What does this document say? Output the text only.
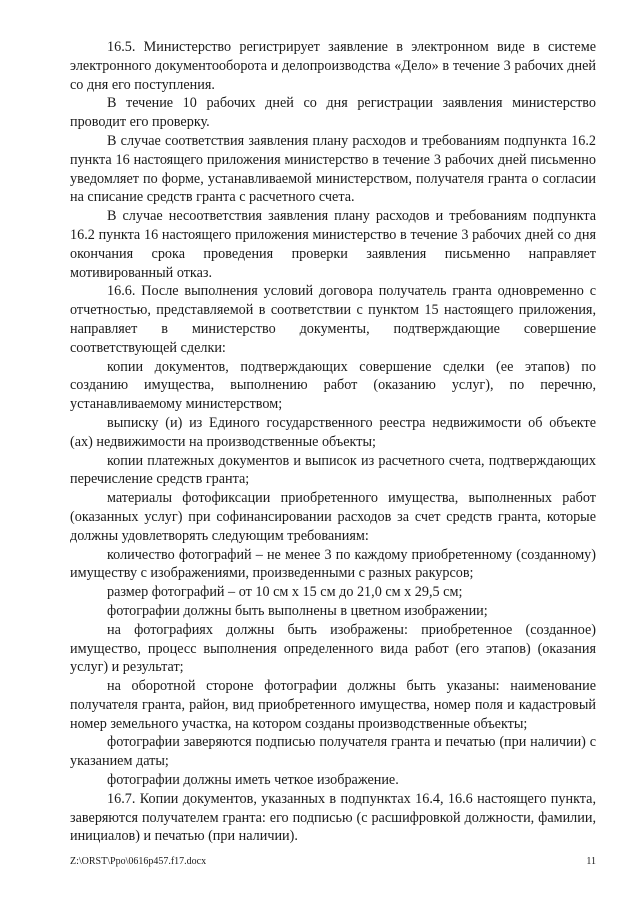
16.5. Министерство регистрирует заявление в электронном виде в системе электронного документооборота и делопроизводства «Дело» в течение 3 рабочих дней со дня его поступления.

В течение 10 рабочих дней со дня регистрации заявления министерство проводит его проверку.

В случае соответствия заявления плану расходов и требованиям подпункта 16.2 пункта 16 настоящего приложения министерство в течение 3 рабочих дней письменно уведомляет по форме, устанавливаемой министерством, получателя гранта о согласии на списание средств гранта с расчетного счета.

В случае несоответствия заявления плану расходов и требованиям подпункта 16.2 пункта 16 настоящего приложения министерство в течение 3 рабочих дней со дня окончания срока проведения проверки заявления письменно направляет мотивированный отказ.

16.6. После выполнения условий договора получатель гранта одновременно с отчетностью, представляемой в соответствии с пунктом 15 настоящего приложения, направляет в министерство документы, подтверждающие совершение соответствующей сделки:

копии документов, подтверждающих совершение сделки (ее этапов) по созданию имущества, выполнению работ (оказанию услуг), по перечню, устанавливаемому министерством;

выписку (и) из Единого государственного реестра недвижимости об объекте (ах) недвижимости на производственные объекты;

копии платежных документов и выписок из расчетного счета, подтверждающих перечисление средств гранта;

материалы фотофиксации приобретенного имущества, выполненных работ (оказанных услуг) при софинансировании расходов за счет средств гранта, которые должны удовлетворять следующим требованиям:

количество фотографий – не менее 3 по каждому приобретенному (созданному) имуществу с изображениями, произведенными с разных ракурсов;

размер фотографий – от 10 см х 15 см до 21,0 см х 29,5 см;

фотографии должны быть выполнены в цветном изображении;

на фотографиях должны быть изображены: приобретенное (созданное) имущество, процесс выполнения определенного вида работ (его этапов) (оказания услуг) и результат;

на оборотной стороне фотографии должны быть указаны: наименование получателя гранта, район, вид приобретенного имущества, номер поля и кадастровый номер земельного участка, на котором созданы производственные объекты;

фотографии заверяются подписью получателя гранта и печатью (при наличии) с указанием даты;

фотографии должны иметь четкое изображение.

16.7. Копии документов, указанных в подпунктах 16.4, 16.6 настоящего пункта, заверяются получателем гранта: его подписью (с расшифровкой должности, фамилии, инициалов) и печатью (при наличии).

Z:\ORST\Ppo\0616p457.f17.docx	11
